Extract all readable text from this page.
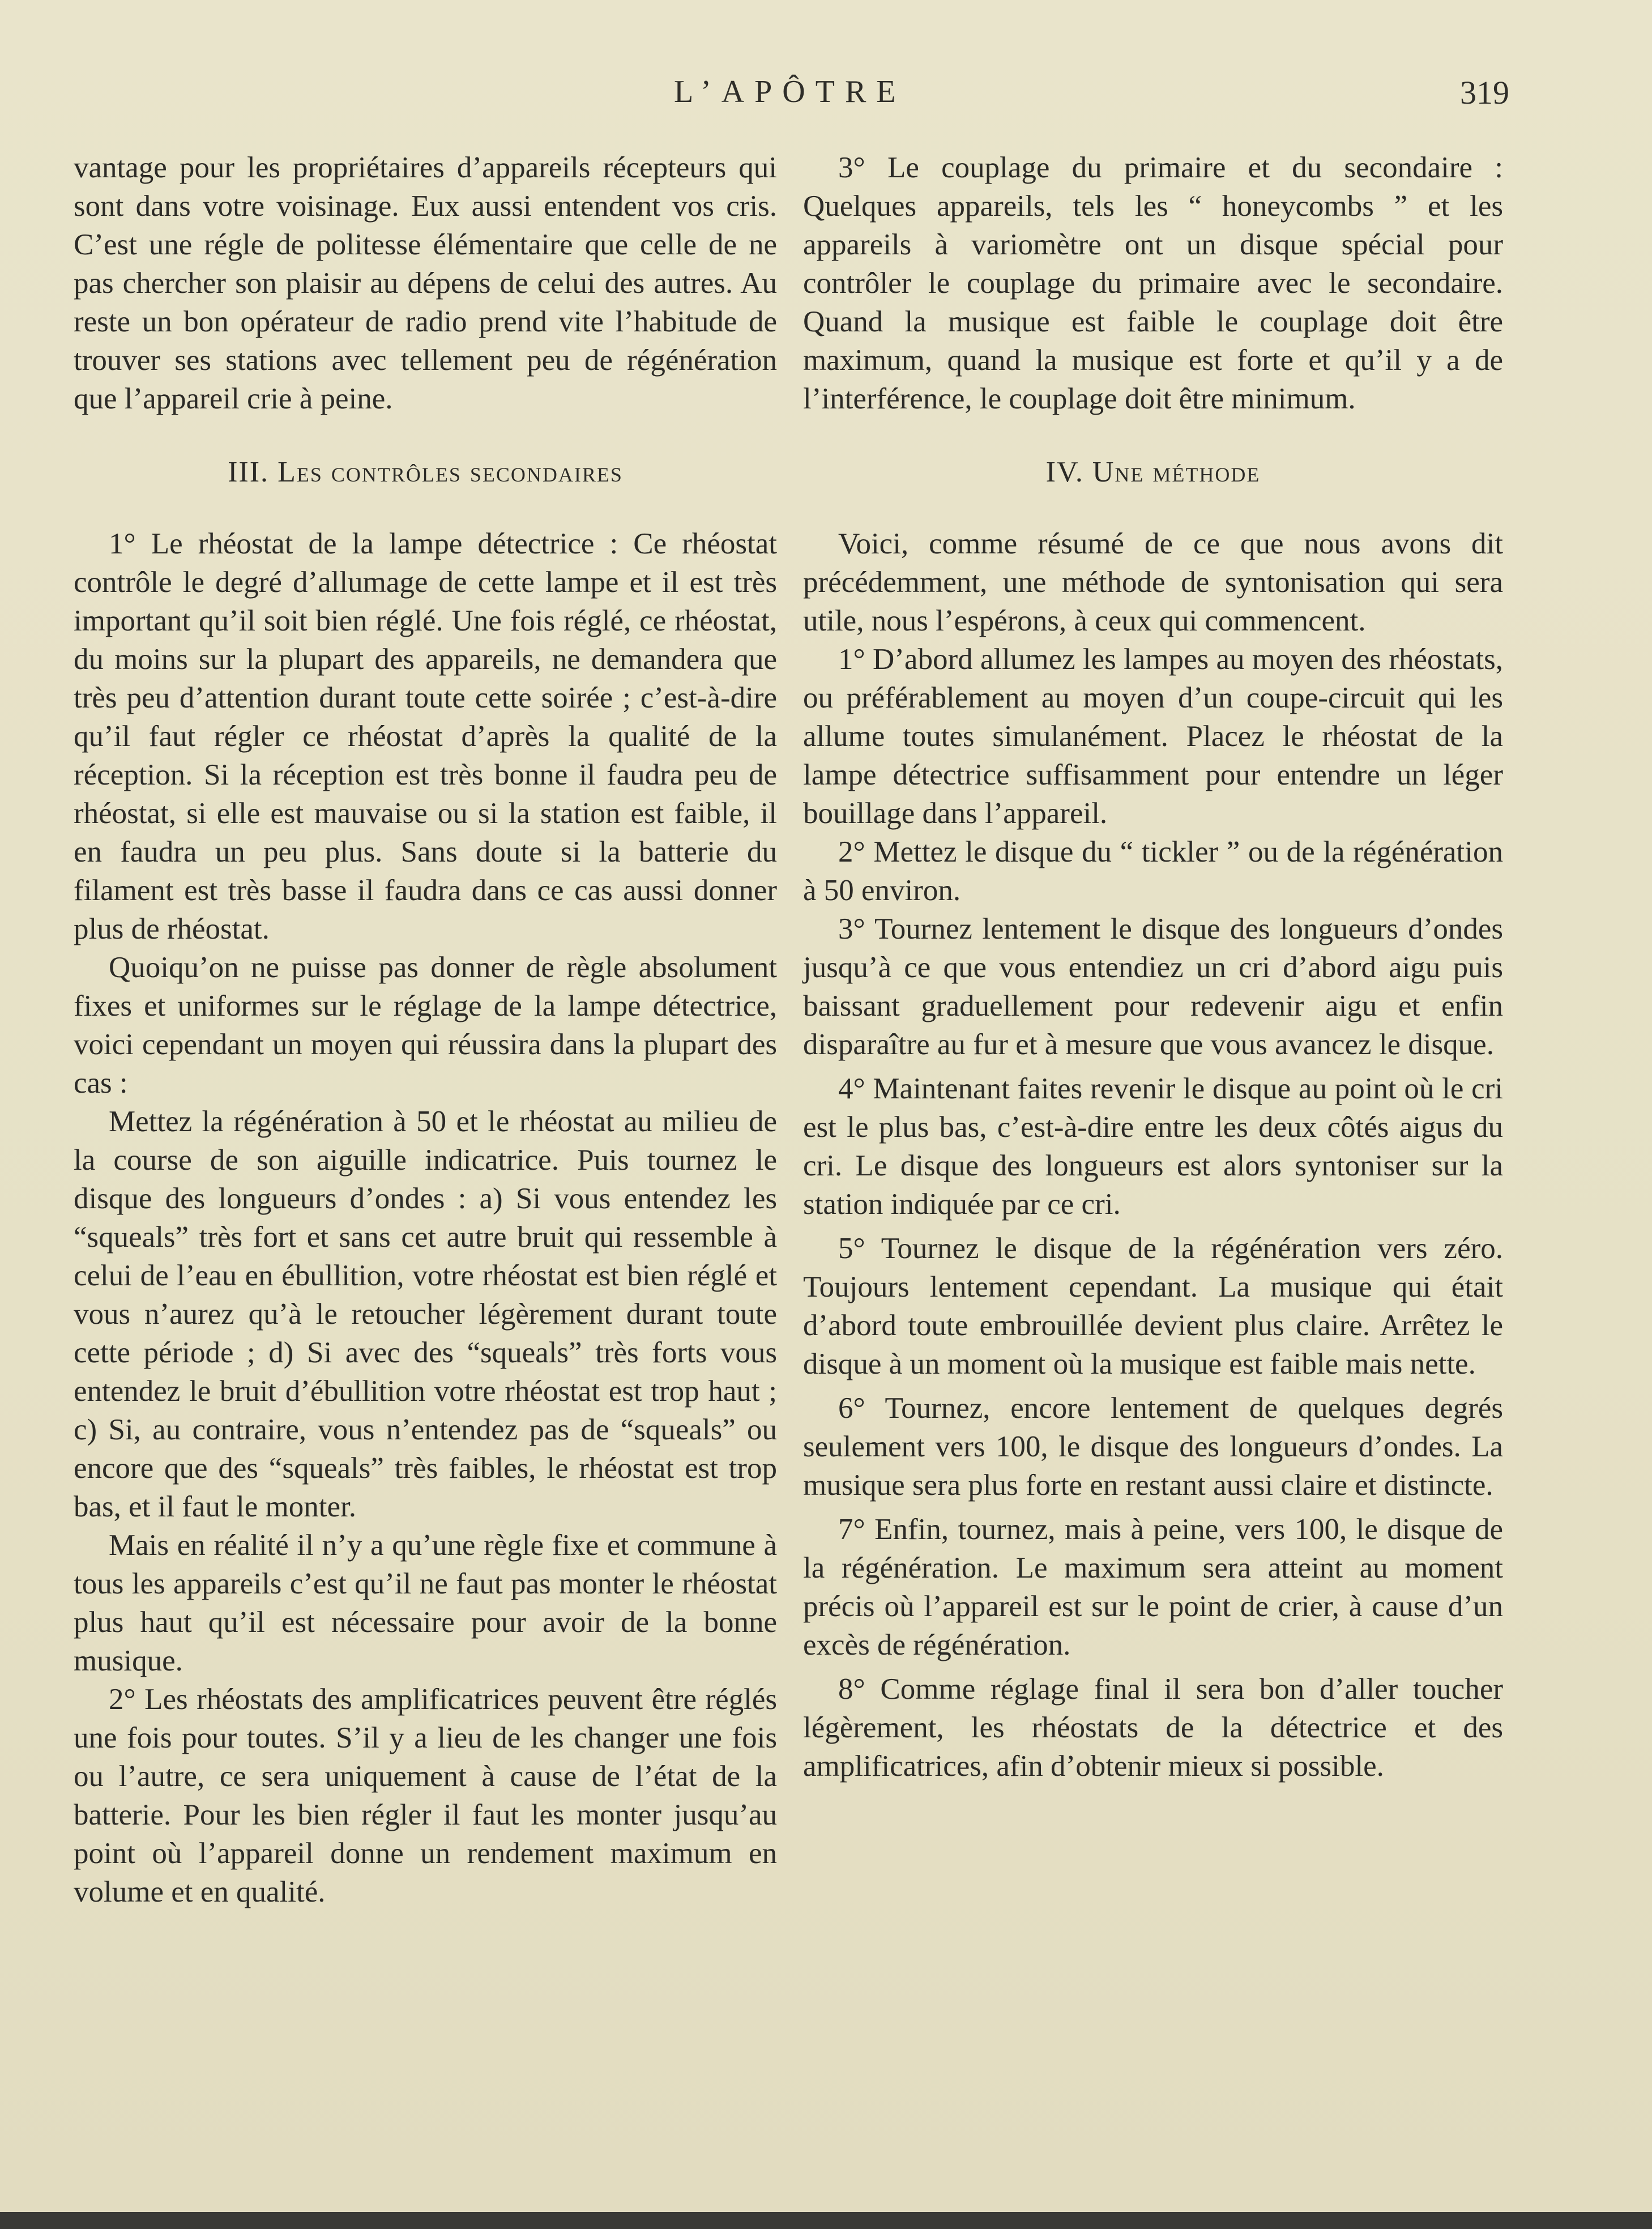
L’APÔTRE	319

vantage pour les propriétaires d’appareils récepteurs qui sont dans votre voisinage. Eux aussi entendent vos cris. C’est une régle de politesse élémentaire que celle de ne pas chercher son plaisir au dépens de celui des autres. Au reste un bon opérateur de radio prend vite l’habitude de trouver ses stations avec tellement peu de régénération que l’appareil crie à peine.

III. Les contrôles secondaires

1° Le rhéostat de la lampe détectrice : Ce rhéostat contrôle le degré d’allumage de cette lampe et il est très important qu’il soit bien réglé. Une fois réglé, ce rhéostat, du moins sur la plupart des appareils, ne demandera que très peu d’attention durant toute cette soirée ; c’est-à-dire qu’il faut régler ce rhéostat d’après la qualité de la réception. Si la réception est très bonne il faudra peu de rhéostat, si elle est mauvaise ou si la station est faible, il en faudra un peu plus. Sans doute si la batterie du filament est très basse il faudra dans ce cas aussi donner plus de rhéostat.

Quoiqu’on ne puisse pas donner de règle absolument fixes et uniformes sur le réglage de la lampe détectrice, voici cependant un moyen qui réussira dans la plupart des cas :

Mettez la régénération à 50 et le rhéostat au milieu de la course de son aiguille indicatrice. Puis tournez le disque des longueurs d’ondes : a) Si vous entendez les “squeals” très fort et sans cet autre bruit qui ressemble à celui de l’eau en ébullition, votre rhéostat est bien réglé et vous n’aurez qu’à le retoucher légèrement durant toute cette période ; d) Si avec des “squeals” très forts vous entendez le bruit d’ébullition votre rhéostat est trop haut ; c) Si, au contraire, vous n’entendez pas de “squeals” ou encore que des “squeals” très faibles, le rhéostat est trop bas, et il faut le monter.

Mais en réalité il n’y a qu’une règle fixe et commune à tous les appareils c’est qu’il ne faut pas monter le rhéostat plus haut qu’il est nécessaire pour avoir de la bonne musique.

2° Les rhéostats des amplificatrices peuvent être réglés une fois pour toutes. S’il y a lieu de les changer une fois ou l’autre, ce sera uniquement à cause de l’état de la batterie. Pour les bien régler il faut les monter jusqu’au point où l’appareil donne un rendement maximum en volume et en qualité.

3° Le couplage du primaire et du secondaire : Quelques appareils, tels les “ honeycombs ” et les appareils à variomètre ont un disque spécial pour contrôler le couplage du primaire avec le secondaire. Quand la musique est faible le couplage doit être maximum, quand la musique est forte et qu’il y a de l’interférence, le couplage doit être minimum.

IV. Une méthode

Voici, comme résumé de ce que nous avons dit précédemment, une méthode de syntonisation qui sera utile, nous l’espérons, à ceux qui commencent.

1° D’abord allumez les lampes au moyen des rhéostats, ou préférablement au moyen d’un coupe-circuit qui les allume toutes simulanément. Placez le rhéostat de la lampe détectrice suffisamment pour entendre un léger bouillage dans l’appareil.

2° Mettez le disque du “ tickler ” ou de la régénération à 50 environ.

3° Tournez lentement le disque des longueurs d’ondes jusqu’à ce que vous entendiez un cri d’abord aigu puis baissant graduellement pour redevenir aigu et enfin disparaître au fur et à mesure que vous avancez le disque.

4° Maintenant faites revenir le disque au point où le cri est le plus bas, c’est-à-dire entre les deux côtés aigus du cri. Le disque des longueurs est alors syntoniser sur la station indiquée par ce cri.

5° Tournez le disque de la régénération vers zéro. Toujours lentement cependant. La musique qui était d’abord toute embrouillée devient plus claire. Arrêtez le disque à un moment où la musique est faible mais nette.

6° Tournez, encore lentement de quelques degrés seulement vers 100, le disque des longueurs d’ondes. La musique sera plus forte en restant aussi claire et distincte.

7° Enfin, tournez, mais à peine, vers 100, le disque de la régénération. Le maximum sera atteint au moment précis où l’appareil est sur le point de crier, à cause d’un excès de régénération.

8° Comme réglage final il sera bon d’aller toucher légèrement, les rhéostats de la détectrice et des amplificatrices, afin d’obtenir mieux si possible.
